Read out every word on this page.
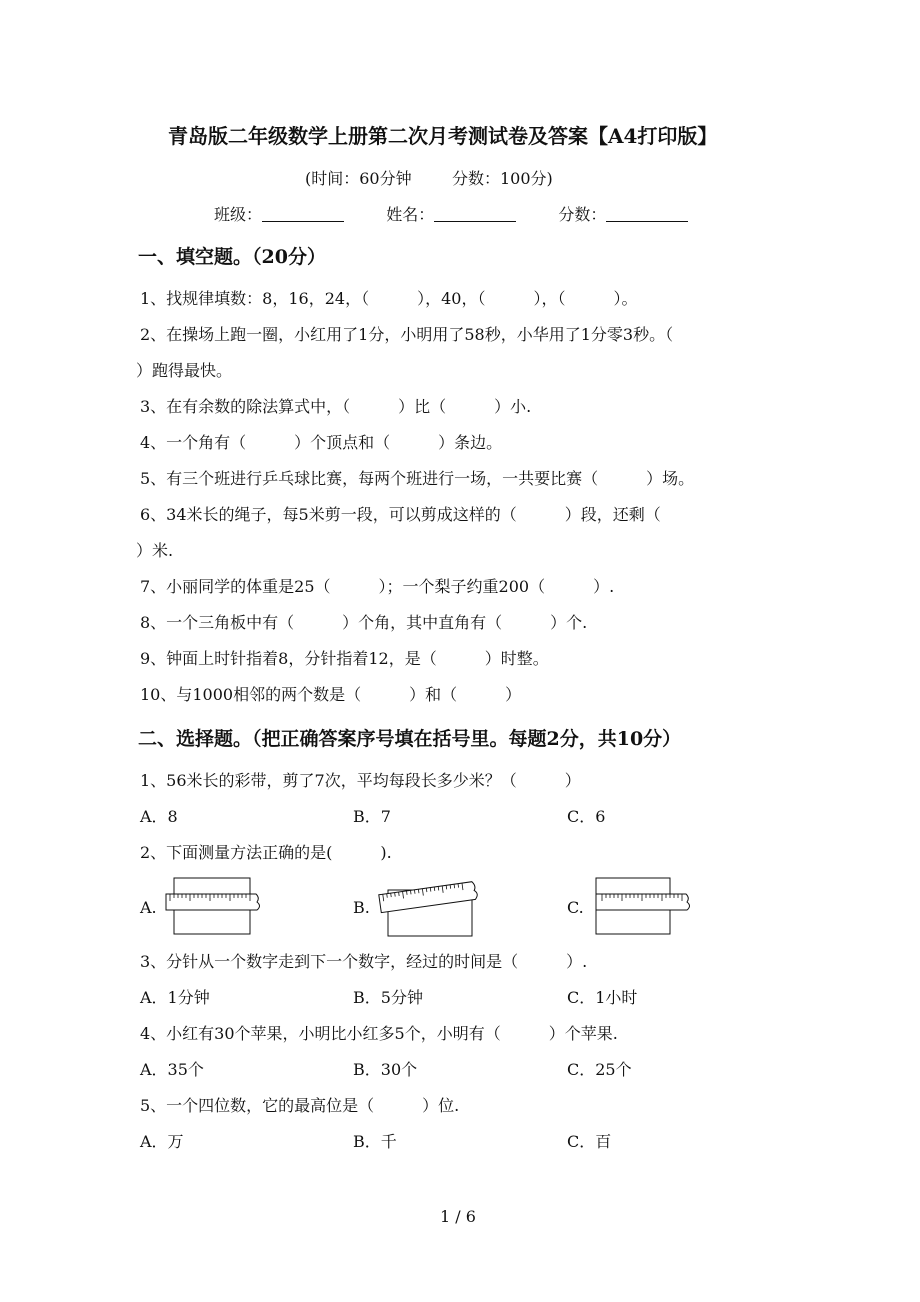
青岛版二年级数学上册第二次月考测试卷及答案【A4打印版】
(时间：60分钟	分数：100分)
班级：	姓名：	分数：
一、填空题。（20分）
1、找规律填数：8，16，24，（　　　），40，（　　　），（　　　）。
2、在操场上跑一圈，小红用了1分，小明用了58秒，小华用了1分零3秒。（
）跑得最快。
3、在有余数的除法算式中，（　　　）比（　　　）小.
4、一个角有（　　　）个顶点和（　　　）条边。
5、有三个班进行乒乓球比赛，每两个班进行一场，一共要比赛（　　　）场。
6、34米长的绳子，每5米剪一段，可以剪成这样的（　　　）段，还剩（
）米.
7、小丽同学的体重是25（　　　）；一个梨子约重200（　　　）.
8、一个三角板中有（　　　）个角，其中直角有（　　　）个.
9、钟面上时针指着8，分针指着12，是（　　　）时整。
10、与1000相邻的两个数是（　　　）和（　　　）
二、选择题。（把正确答案序号填在括号里。每题2分，共10分）
1、56米长的彩带，剪了7次，平均每段长多少米？（　　　）
A．8	B．7	C．6
2、下面测量方法正确的是(　　　).
A.	B.	C.
3、分针从一个数字走到下一个数字，经过的时间是（　　　）.
A．1分钟	B．5分钟	C．1小时
4、小红有30个苹果，小明比小红多5个，小明有（　　　）个苹果.
A．35个	B．30个	C．25个
5、一个四位数，它的最高位是（　　　）位.
A．万	B．千	C．百
1 / 6
